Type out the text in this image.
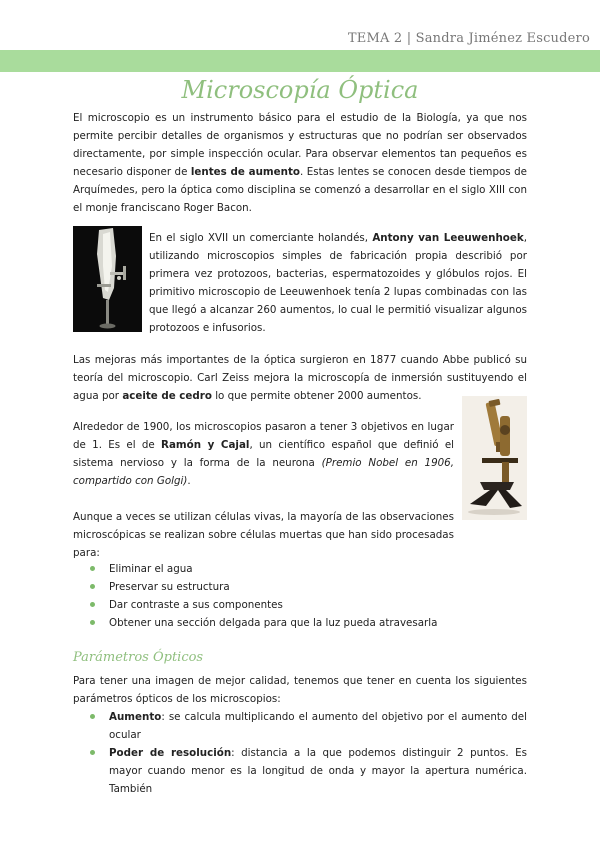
TEMA 2 | Sandra Jiménez Escudero
Microscopía Óptica

El microscopio es un instrumento básico para el estudio de la Biología, ya que nos permite percibir detalles de organismos y estructuras que no podrían ser observados directamente, por simple inspección ocular. Para observar elementos tan pequeños es necesario disponer de lentes de aumento. Estas lentes se conocen desde tiempos de Arquímedes, pero la óptica como disciplina se comenzó a desarrollar en el siglo XIII con el monje franciscano Roger Bacon.

En el siglo XVII un comerciante holandés, Antony van Leeuwenhoek, utilizando microscopios simples de fabricación propia describió por primera vez protozoos, bacterias, espermatozoides y glóbulos rojos. El primitivo microscopio de Leeuwenhoek tenía 2 lupas combinadas con las que llegó a alcanzar 260 aumentos, lo cual le permitió visualizar algunos protozoos e infusorios.

Las mejoras más importantes de la óptica surgieron en 1877 cuando Abbe publicó su teoría del microscopio. Carl Zeiss mejora la microscopía de inmersión sustituyendo el agua por aceite de cedro lo que permite obtener 2000 aumentos.

Alrededor de 1900, los microscopios pasaron a tener 3 objetivos en lugar de 1. Es el de Ramón y Cajal, un científico español que definió el sistema nervioso y la forma de la neurona (Premio Nobel en 1906, compartido con Golgi).

Aunque a veces se utilizan células vivas, la mayoría de las observaciones microscópicas se realizan sobre células muertas que han sido procesadas para:

Eliminar el agua
Preservar su estructura
Dar contraste a sus componentes
Obtener una sección delgada para que la luz pueda atravesarla
Parámetros Ópticos

Para tener una imagen de mejor calidad, tenemos que tener en cuenta los siguientes parámetros ópticos de los microscopios:

Aumento: se calcula multiplicando el aumento del objetivo por el aumento del ocular
Poder de resolución: distancia a la que podemos distinguir 2 puntos. Es mayor cuando menor es la longitud de onda y mayor la apertura numérica. También
